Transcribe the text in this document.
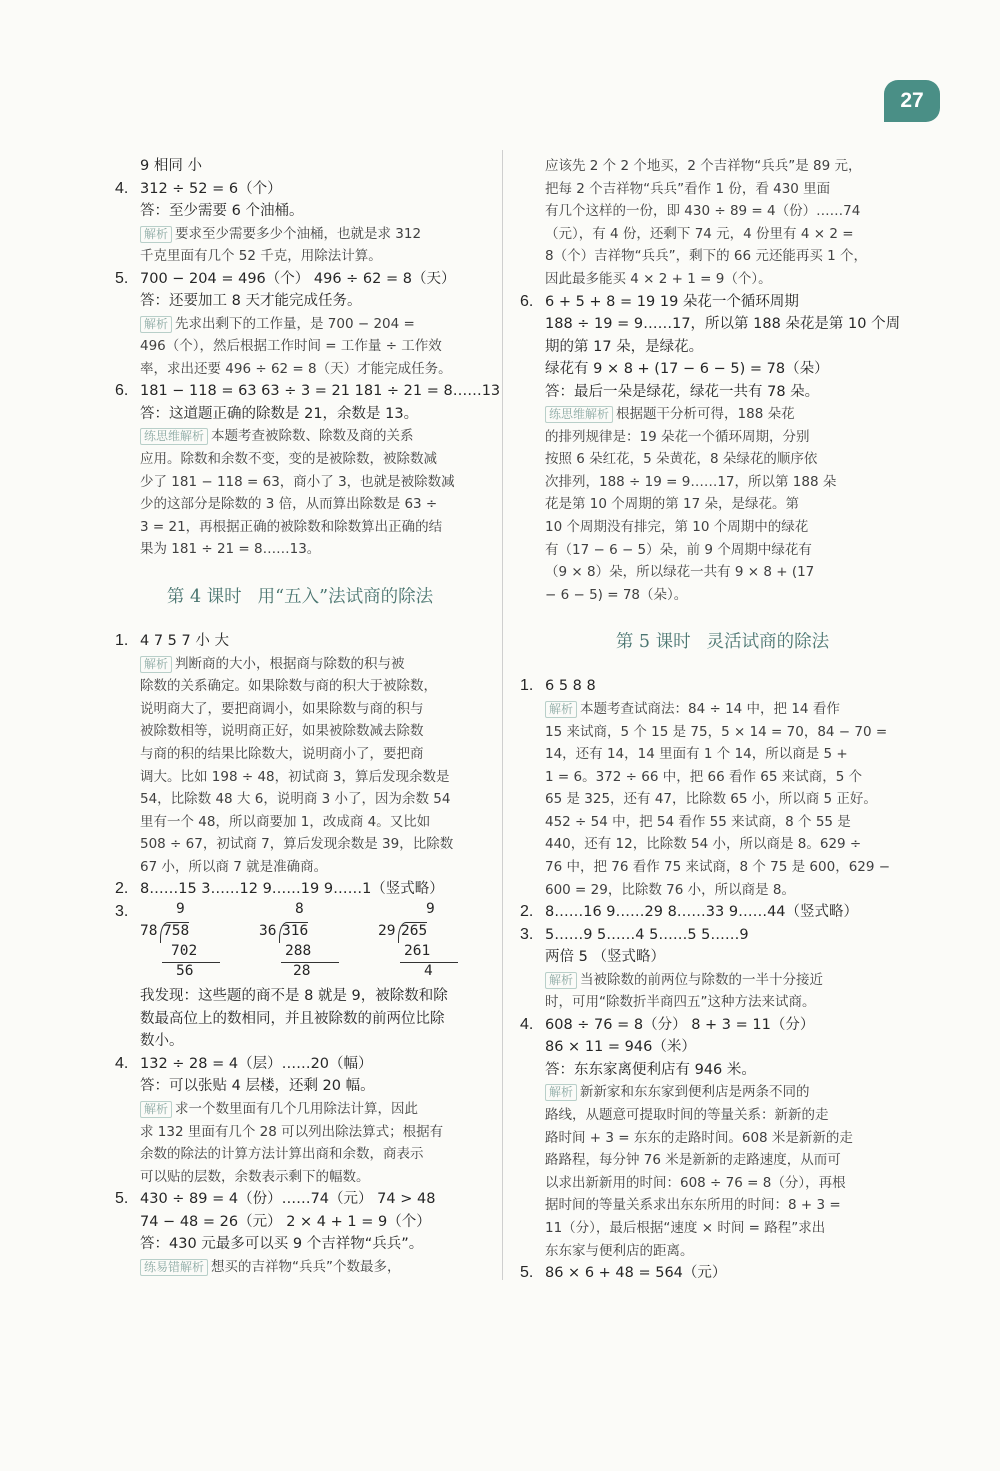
27
9 相同 小
4. 312 ÷ 52 = 6（个）
答：至少需要 6 个油桶。
解析 要求至少需要多少个油桶，也就是求 312
千克里面有几个 52 千克，用除法计算。
5. 700 − 204 = 496（个） 496 ÷ 62 = 8（天）
答：还要加工 8 天才能完成任务。
解析 先求出剩下的工作量，是 700 − 204 =
496（个），然后根据工作时间 = 工作量 ÷ 工作效
率，求出还要 496 ÷ 62 = 8（天）才能完成任务。
6. 181 − 118 = 63 63 ÷ 3 = 21 181 ÷ 21 = 8……13
答：这道题正确的除数是 21，余数是 13。
练思维解析 本题考查被除数、除数及商的关系
应用。除数和余数不变，变的是被除数，被除数减
少了 181 − 118 = 63，商小了 3，也就是被除数减
少的这部分是除数的 3 倍，从而算出除数是 63 ÷
3 = 21，再根据正确的被除数和除数算出正确的结
果为 181 ÷ 21 = 8……13。
第 4 课时 用“五入”法试商的除法
1. 4 7 5 7 小 大
解析 判断商的大小，根据商与除数的积与被
除数的关系确定。如果除数与商的积大于被除数，
说明商大了，要把商调小，如果除数与商的积与
被除数相等，说明商正好，如果被除数减去除数
与商的积的结果比除数大，说明商小了，要把商
调大。比如 198 ÷ 48，初试商 3，算后发现余数是
54，比除数 48 大 6，说明商 3 小了，因为余数 54
里有一个 48，所以商要加 1，改成商 4。又比如
508 ÷ 67，初试商 7，算后发现余数是 39，比除数
67 小，所以商 7 就是准确商。
2. 8……15 3……12 9……19 9……1（竖式略）
3.	9
78 758
702
56
8
36 316
288
28
9
29 265
261
4
我发现：这些题的商不是 8 就是 9，被除数和除
数最高位上的数相同，并且被除数的前两位比除
数小。
4. 132 ÷ 28 = 4（层）……20（幅）
答：可以张贴 4 层楼，还剩 20 幅。
解析 求一个数里面有几个几用除法计算，因此
求 132 里面有几个 28 可以列出除法算式；根据有
余数的除法的计算方法计算出商和余数，商表示
可以贴的层数，余数表示剩下的幅数。
5. 430 ÷ 89 = 4（份）……74（元） 74 > 48
74 − 48 = 26（元） 2 × 4 + 1 = 9（个）
答：430 元最多可以买 9 个吉祥物“兵兵”。
练易错解析 想买的吉祥物“兵兵”个数最多，
应该先 2 个 2 个地买，2 个吉祥物“兵兵”是 89 元，
把每 2 个吉祥物“兵兵”看作 1 份，看 430 里面
有几个这样的一份，即 430 ÷ 89 = 4（份）……74
（元），有 4 份，还剩下 74 元，4 份里有 4 × 2 =
8（个）吉祥物“兵兵”，剩下的 66 元还能再买 1 个，
因此最多能买 4 × 2 + 1 = 9（个）。
6. 6 + 5 + 8 = 19 19 朵花一个循环周期
188 ÷ 19 = 9……17，所以第 188 朵花是第 10 个周
期的第 17 朵，是绿花。
绿花有 9 × 8 + (17 − 6 − 5) = 78（朵）
答：最后一朵是绿花，绿花一共有 78 朵。
练思维解析 根据题干分析可得，188 朵花
的排列规律是：19 朵花一个循环周期，分别
按照 6 朵红花，5 朵黄花，8 朵绿花的顺序依
次排列，188 ÷ 19 = 9……17，所以第 188 朵
花是第 10 个周期的第 17 朵，是绿花。第
10 个周期没有排完，第 10 个周期中的绿花
有（17 − 6 − 5）朵，前 9 个周期中绿花有
（9 × 8）朵，所以绿花一共有 9 × 8 + (17
− 6 − 5) = 78（朵）。
第 5 课时 灵活试商的除法
1. 6 5 8 8
解析 本题考查试商法：84 ÷ 14 中，把 14 看作
15 来试商，5 个 15 是 75，5 × 14 = 70，84 − 70 =
14，还有 14，14 里面有 1 个 14，所以商是 5 +
1 = 6。372 ÷ 66 中，把 66 看作 65 来试商，5 个
65 是 325，还有 47，比除数 65 小，所以商 5 正好。
452 ÷ 54 中，把 54 看作 55 来试商，8 个 55 是
440，还有 12，比除数 54 小，所以商是 8。629 ÷
76 中，把 76 看作 75 来试商，8 个 75 是 600，629 −
600 = 29，比除数 76 小，所以商是 8。
2. 8……16 9……29 8……33 9……44（竖式略）
3. 5……9 5……4 5……5 5……9
两倍 5 （竖式略）
解析 当被除数的前两位与除数的一半十分接近
时，可用“除数折半商四五”这种方法来试商。
4. 608 ÷ 76 = 8（分） 8 + 3 = 11（分）
86 × 11 = 946（米）
答：东东家离便利店有 946 米。
解析 新新家和东东家到便利店是两条不同的
路线，从题意可提取时间的等量关系：新新的走
路时间 + 3 = 东东的走路时间。608 米是新新的走
路路程，每分钟 76 米是新新的走路速度，从而可
以求出新新用的时间：608 ÷ 76 = 8（分），再根
据时间的等量关系求出东东所用的时间：8 + 3 =
11（分），最后根据“速度 × 时间 = 路程”求出
东东家与便利店的距离。
5. 86 × 6 + 48 = 564（元）
